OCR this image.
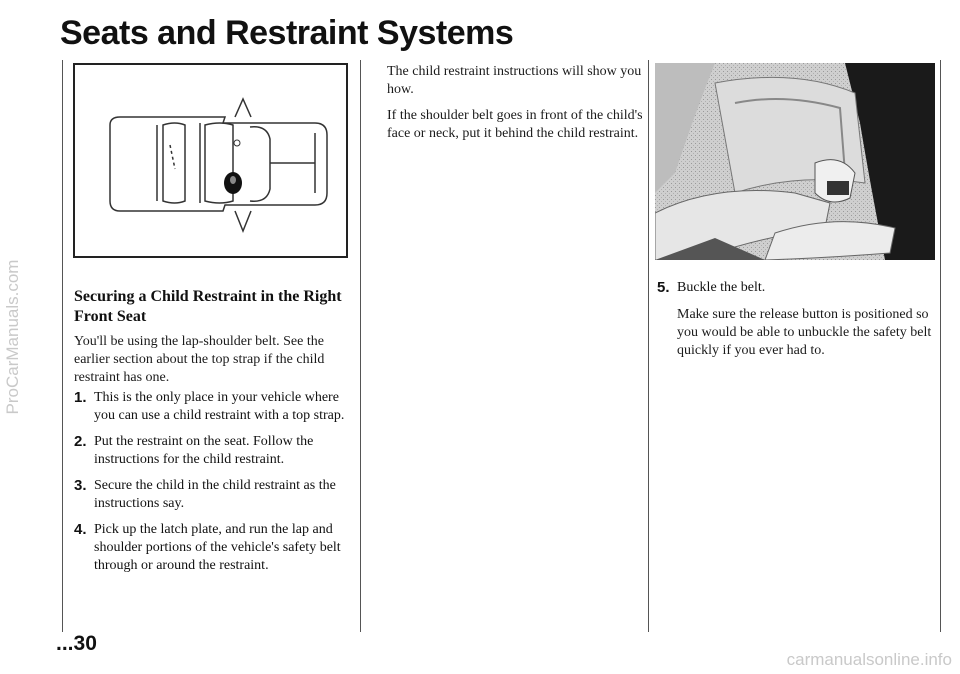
ProCarManuals.com
carmanualsonline.info
Seats and Restraint Systems
Securing a Child Restraint in the Right Front Seat

You'll be using the lap-shoulder belt. See the earlier section about the top strap if the child restraint has one.

1. This is the only place in your vehicle where you can use a child restraint with a top strap.
2. Put the restraint on the seat. Follow the instructions for the child restraint.
3. Secure the child in the child restraint as the instructions say.
4. Pick up the latch plate, and run the lap and shoulder portions of the vehicle's safety belt through or around the restraint.

The child restraint instructions will show you how.

If the shoulder belt goes in front of the child's face or neck, put it behind the child restraint.

5. Buckle the belt.

Make sure the release button is positioned so you would be able to unbuckle the safety belt quickly if you ever had to.

...30
